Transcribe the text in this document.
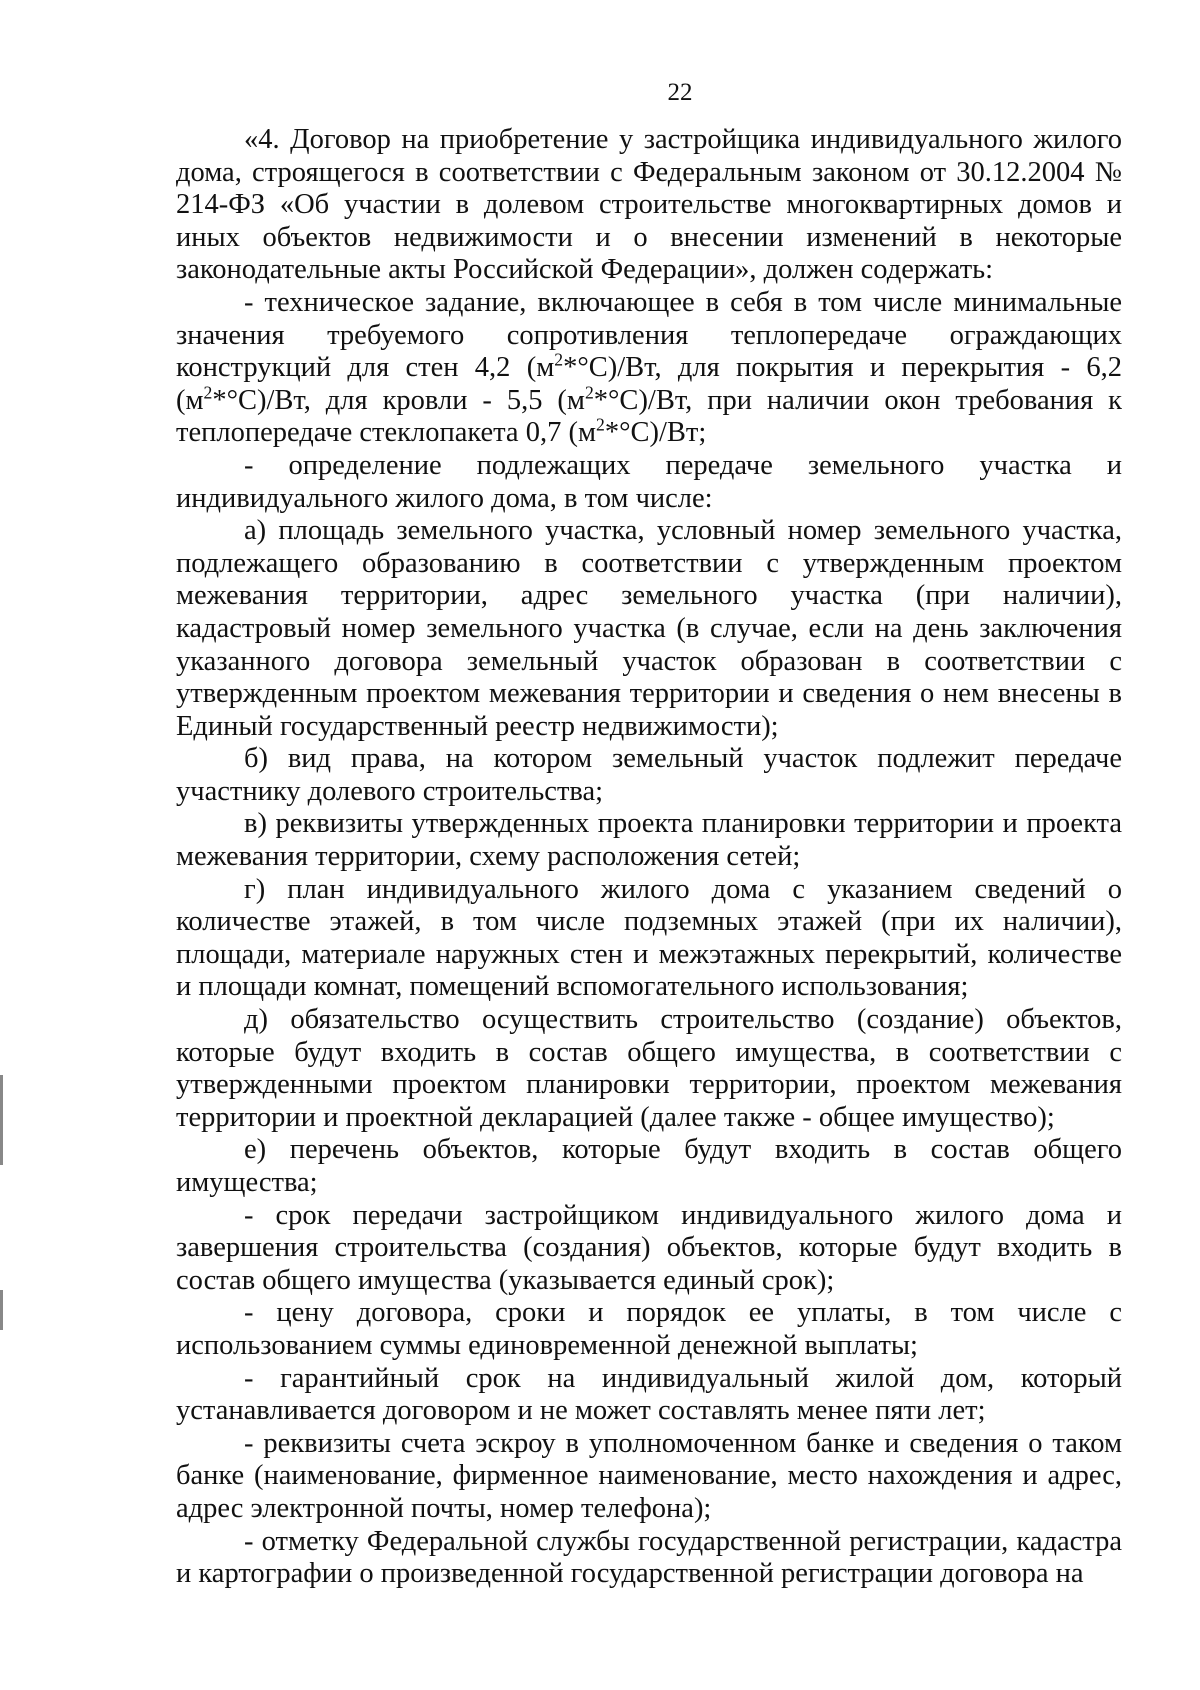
22

«4. Договор на приобретение у застройщика индивидуального жилого дома, строящегося в соответствии с Федеральным законом от 30.12.2004 № 214-ФЗ «Об участии в долевом строительстве многоквартирных домов и иных объектов недвижимости и о внесении изменений в некоторые законодательные акты Российской Федерации», должен содержать:

- техническое задание, включающее в себя в том числе минимальные значения требуемого сопротивления теплопередаче ограждающих конструкций для стен 4,2 $(м^2*^\circ С)/Вт$, для покрытия и перекрытия - 6,2 $(м^2*^\circ С)/Вт$, для кровли - 5,5 $(м^2*^\circ С)/Вт$, при наличии окон требования к теплопередаче стеклопакета 0,7 $(м^2*^\circ С)/Вт$;

- определение подлежащих передаче земельного участка и индивидуального жилого дома, в том числе:

а) площадь земельного участка, условный номер земельного участка, подлежащего образованию в соответствии с утвержденным проектом межевания территории, адрес земельного участка (при наличии), кадастровый номер земельного участка (в случае, если на день заключения указанного договора земельный участок образован в соответствии с утвержденным проектом межевания территории и сведения о нем внесены в Единый государственный реестр недвижимости);

б) вид права, на котором земельный участок подлежит передаче участнику долевого строительства;

в) реквизиты утвержденных проекта планировки территории и проекта межевания территории, схему расположения сетей;

г) план индивидуального жилого дома с указанием сведений о количестве этажей, в том числе подземных этажей (при их наличии), площади, материале наружных стен и межэтажных перекрытий, количестве и площади комнат, помещений вспомогательного использования;

д) обязательство осуществить строительство (создание) объектов, которые будут входить в состав общего имущества, в соответствии с утвержденными проектом планировки территории, проектом межевания территории и проектной декларацией (далее также - общее имущество);

е) перечень объектов, которые будут входить в состав общего имущества;

- срок передачи застройщиком индивидуального жилого дома и завершения строительства (создания) объектов, которые будут входить в состав общего имущества (указывается единый срок);

- цену договора, сроки и порядок ее уплаты, в том числе с использованием суммы единовременной денежной выплаты;

- гарантийный срок на индивидуальный жилой дом, который устанавливается договором и не может составлять менее пяти лет;

- реквизиты счета эскроу в уполномоченном банке и сведения о таком банке (наименование, фирменное наименование, место нахождения и адрес, адрес электронной почты, номер телефона);

- отметку Федеральной службы государственной регистрации, кадастра и картографии о произведенной государственной регистрации договора на
